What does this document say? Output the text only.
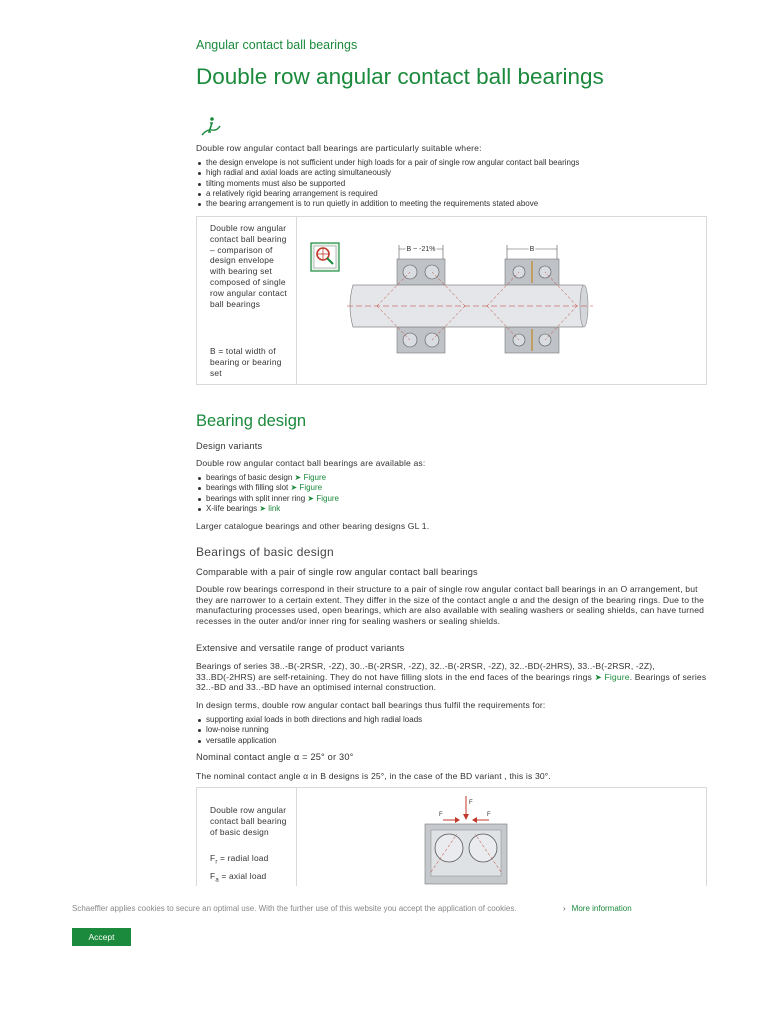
Angular contact ball bearings
Double row angular contact ball bearings
Double row angular contact ball bearings are particularly suitable where:
the design envelope is not sufficient under high loads for a pair of single row angular contact ball bearings
high radial and axial loads are acting simultaneously
tilting moments must also be supported
a relatively rigid bearing arrangement is required
the bearing arrangement is to run quietly in addition to meeting the requirements stated above
Double row angular contact ball bearing – comparison of design envelope with bearing set composed of single row angular contact ball bearings
B = total width of bearing or bearing set
B ~ -21%	B
Bearing design
Design variants
Double row angular contact ball bearings are available as:
bearings of basic design ➤ Figure
bearings with filling slot ➤ Figure
bearings with split inner ring ➤ Figure
X-life bearings ➤ link
Larger catalogue bearings and other bearing designs GL 1.
Bearings of basic design
Comparable with a pair of single row angular contact ball bearings
Double row bearings correspond in their structure to a pair of single row angular contact ball bearings in an O arrangement, but they are narrower to a certain extent. They differ in the size of the contact angle α and the design of the bearing rings. Due to the manufacturing processes used, open bearings, which are also available with sealing washers or sealing shields, can have turned recesses in the outer and/or inner ring for sealing washers or sealing shields.
Extensive and versatile range of product variants
Bearings of series 38..-B(-2RSR, -2Z), 30..-B(-2RSR, -2Z), 32..-B(-2RSR, -2Z), 32..-BD(-2HRS), 33..-B(-2RSR, -2Z), 33..BD(-2HRS) are self-retaining. They do not have filling slots in the end faces of the bearings rings ➤ Figure. Bearings of series 32..-BD and 33..-BD have an optimised internal construction.
In design terms, double row angular contact ball bearings thus fulfil the requirements for:
supporting axial loads in both directions and high radial loads
low-noise running
versatile application
Nominal contact angle α = 25° or 30°
The nominal contact angle α in B designs is 25°, in the case of the BD variant , this is 30°.
Double row angular contact ball bearing of basic design
$F_r$ = radial load
$F_a$ = axial load
F
F	F
Schaeffler applies cookies to secure an optimal use. With the further use of this website you accept the application of cookies.	› More information
Accept
